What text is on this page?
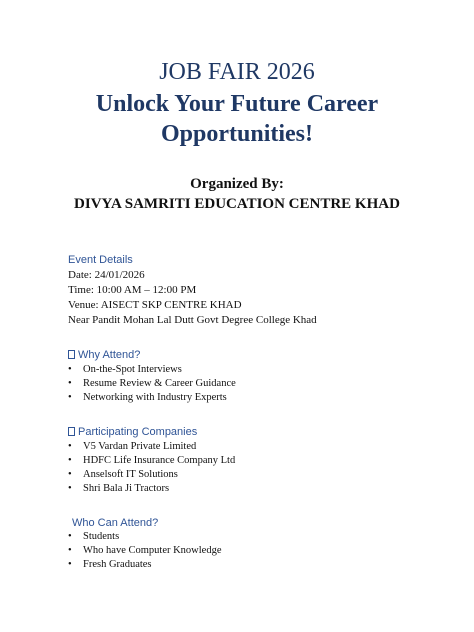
JOB FAIR 2026
Unlock Your Future Career
Opportunities!
Organized By:
DIVYA SAMRITI EDUCATION CENTRE KHAD
Event Details
Date: 24/01/2026
Time: 10:00 AM – 12:00 PM
Venue: AISECT SKP CENTRE KHAD
Near Pandit Mohan Lal Dutt Govt Degree College Khad
Why Attend?
•	On-the-Spot Interviews
•	Resume Review & Career Guidance
•	Networking with Industry Experts
Participating Companies
•	V5 Vardan Private Limited
•	HDFC Life Insurance Company Ltd
•	Anselsoft IT Solutions
•	Shri Bala Ji Tractors
Who Can Attend?
•	Students
•	Who have Computer Knowledge
•	Fresh Graduates
